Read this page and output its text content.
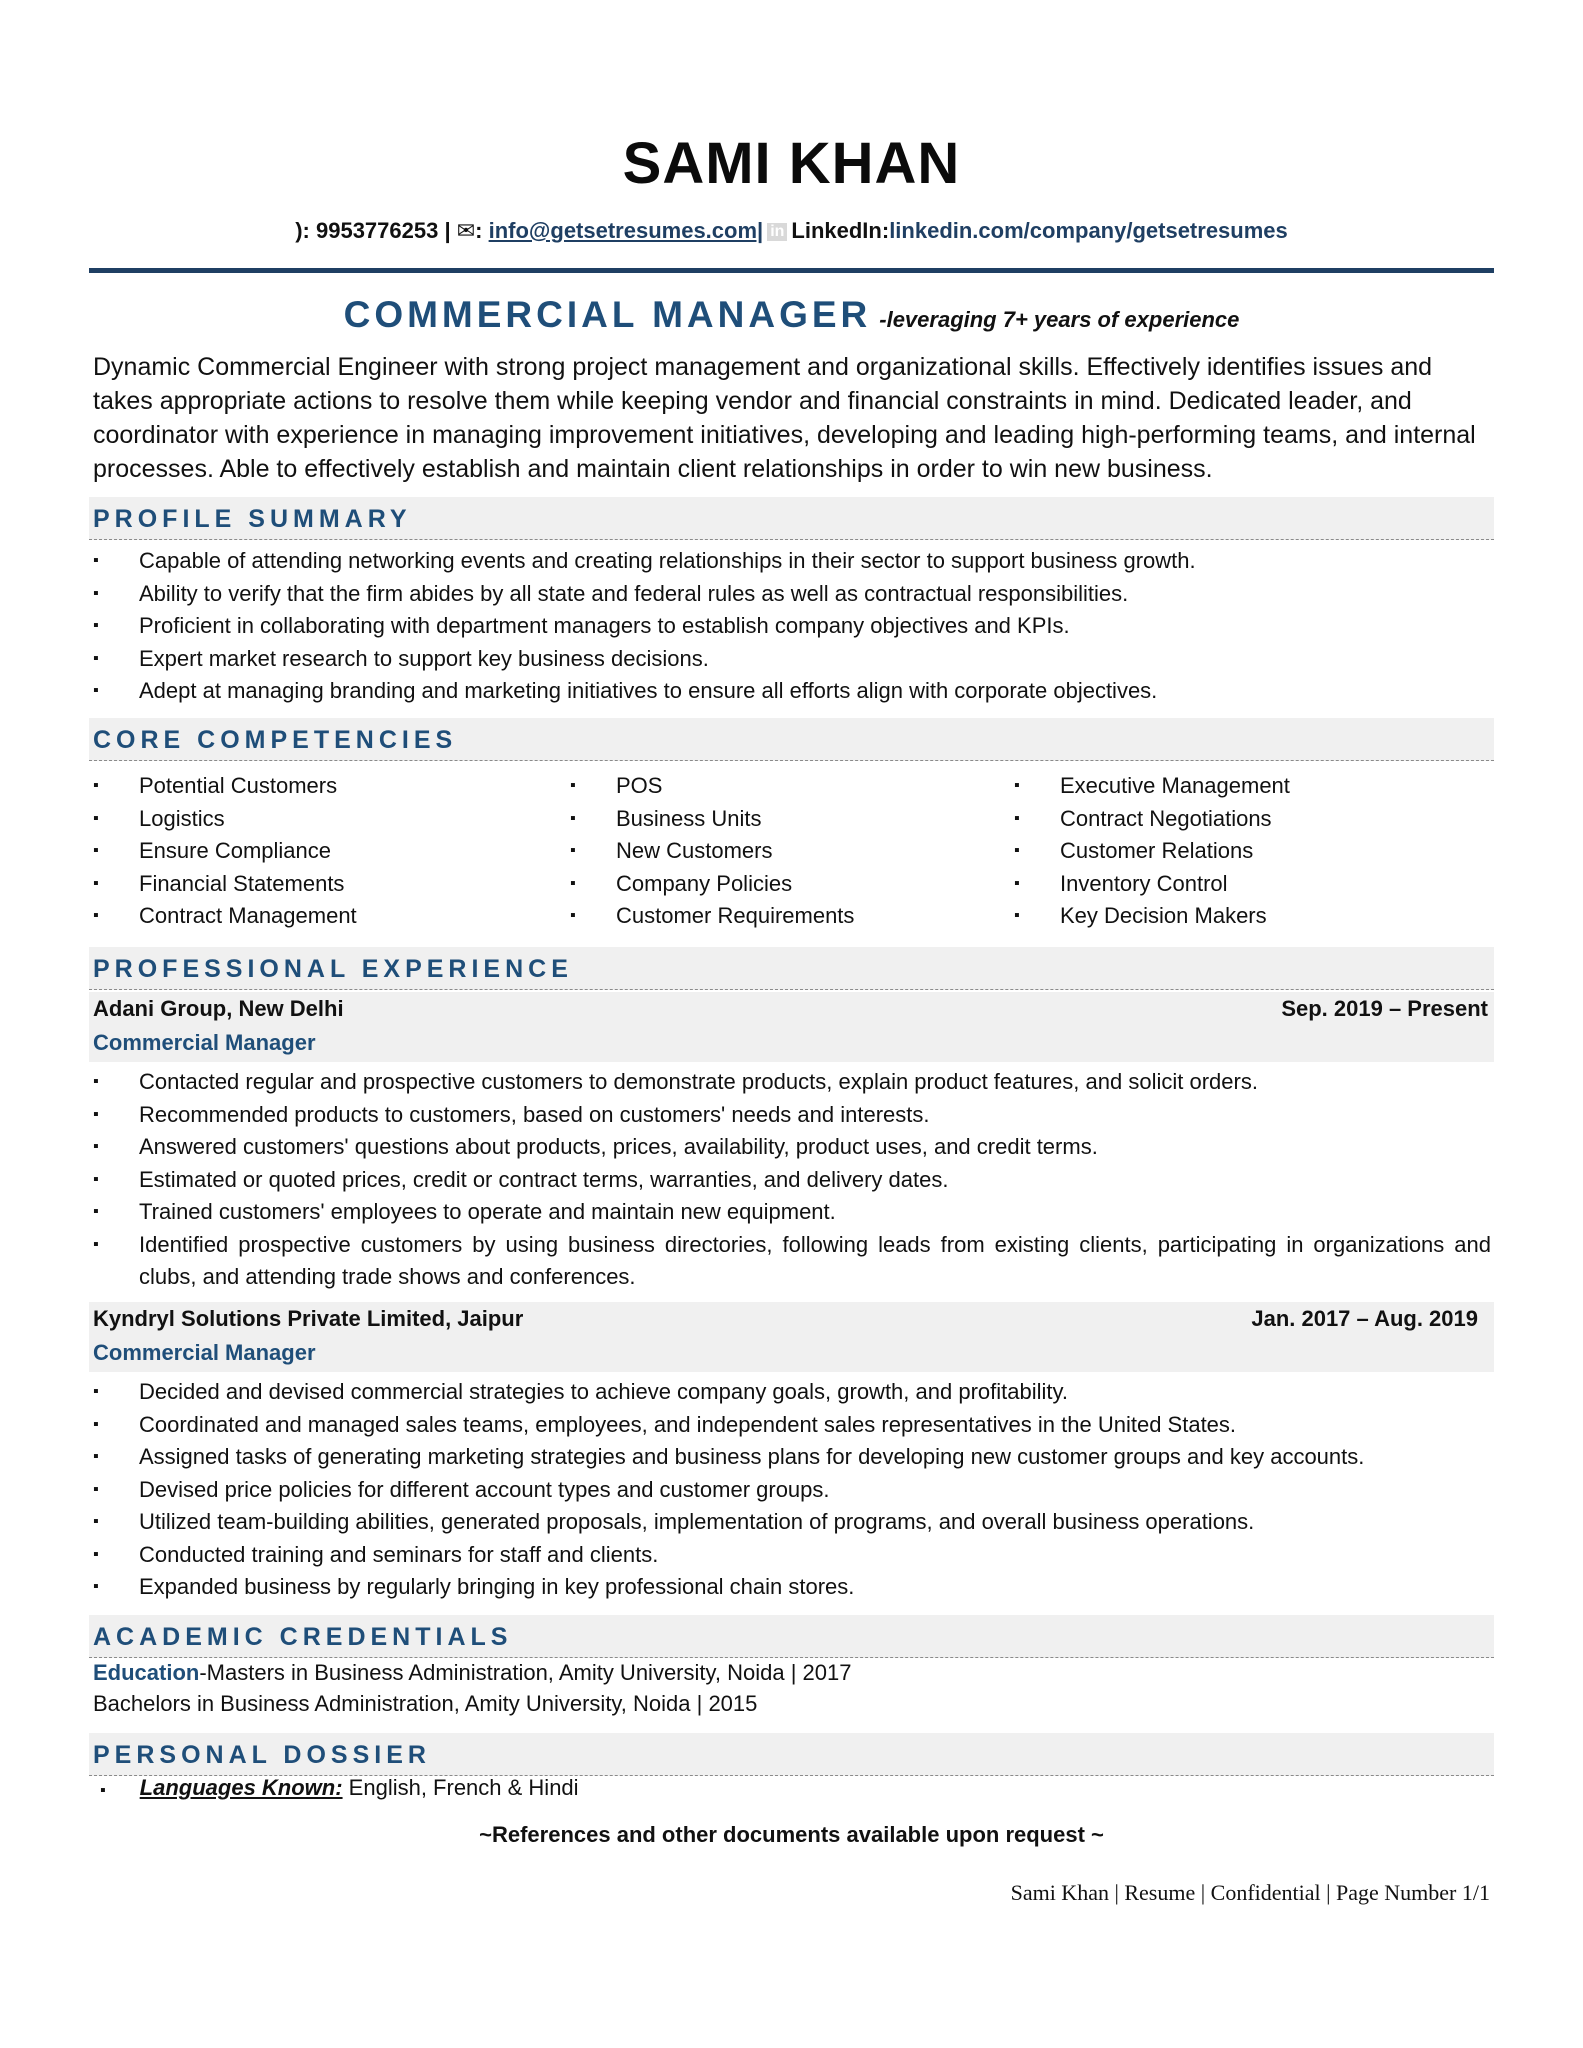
SAMI KHAN
): 9953776253 | ✉: info@getsetresumes.com| in LinkedIn:linkedin.com/company/getsetresumes
COMMERCIAL MANAGER -leveraging 7+ years of experience
Dynamic Commercial Engineer with strong project management and organizational skills. Effectively identifies issues and takes appropriate actions to resolve them while keeping vendor and financial constraints in mind. Dedicated leader, and coordinator with experience in managing improvement initiatives, developing and leading high-performing teams, and internal processes. Able to effectively establish and maintain client relationships in order to win new business.
PROFILE SUMMARY
▪ Capable of attending networking events and creating relationships in their sector to support business growth.
▪ Ability to verify that the firm abides by all state and federal rules as well as contractual responsibilities.
▪ Proficient in collaborating with department managers to establish company objectives and KPIs.
▪ Expert market research to support key business decisions.
▪ Adept at managing branding and marketing initiatives to ensure all efforts align with corporate objectives.
CORE COMPETENCIES
▪ Potential Customers
▪ Logistics
▪ Ensure Compliance
▪ Financial Statements
▪ Contract Management
▪ POS
▪ Business Units
▪ New Customers
▪ Company Policies
▪ Customer Requirements
▪ Executive Management
▪ Contract Negotiations
▪ Customer Relations
▪ Inventory Control
▪ Key Decision Makers
PROFESSIONAL EXPERIENCE
Adani Group, New Delhi	Sep. 2019 – Present
Commercial Manager
▪ Contacted regular and prospective customers to demonstrate products, explain product features, and solicit orders.
▪ Recommended products to customers, based on customers' needs and interests.
▪ Answered customers' questions about products, prices, availability, product uses, and credit terms.
▪ Estimated or quoted prices, credit or contract terms, warranties, and delivery dates.
▪ Trained customers' employees to operate and maintain new equipment.
▪ Identified prospective customers by using business directories, following leads from existing clients, participating in organizations and clubs, and attending trade shows and conferences.
Kyndryl Solutions Private Limited, Jaipur	Jan. 2017 – Aug. 2019
Commercial Manager
▪ Decided and devised commercial strategies to achieve company goals, growth, and profitability.
▪ Coordinated and managed sales teams, employees, and independent sales representatives in the United States.
▪ Assigned tasks of generating marketing strategies and business plans for developing new customer groups and key accounts.
▪ Devised price policies for different account types and customer groups.
▪ Utilized team-building abilities, generated proposals, implementation of programs, and overall business operations.
▪ Conducted training and seminars for staff and clients.
▪ Expanded business by regularly bringing in key professional chain stores.
ACADEMIC CREDENTIALS
Education-Masters in Business Administration, Amity University, Noida | 2017
Bachelors in Business Administration, Amity University, Noida | 2015
PERSONAL DOSSIER
▪ Languages Known: English, French & Hindi
~References and other documents available upon request ~
Sami Khan | Resume | Confidential | Page Number 1/1
